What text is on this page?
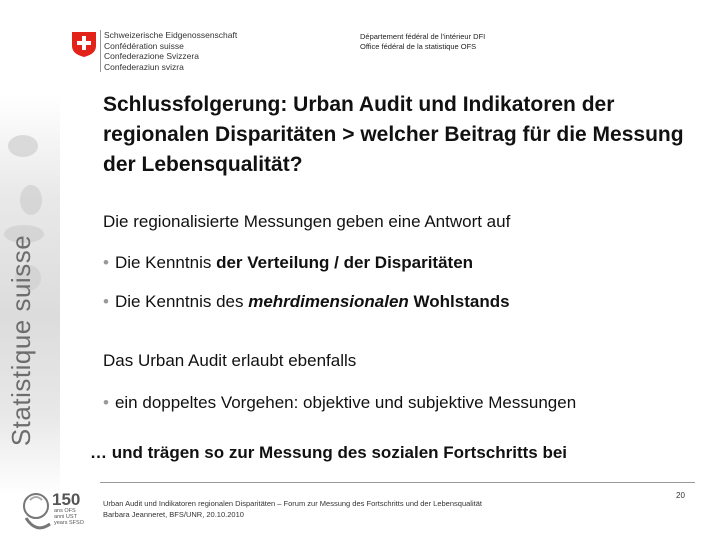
Statistique suisse
Schweizerische Eidgenossenschaft
Confédération suisse
Confederazione Svizzera
Confederaziun svizra
Département fédéral de l'intérieur DFI
Office fédéral de la statistique OFS
Schlussfolgerung: Urban Audit und Indikatoren der regionalen Disparitäten > welcher Beitrag für die Messung der Lebensqualität?
Die regionalisierte Messungen geben eine Antwort auf
• Die Kenntnis der Verteilung / der Disparitäten
• Die Kenntnis des mehrdimensionalen Wohlstands
Das Urban Audit erlaubt ebenfalls
• ein doppeltes Vorgehen: objektive und subjektive Messungen
… und trägen so zur Messung des sozialen Fortschritts bei
Urban Audit und Indikatoren regionalen Disparitäten – Forum zur Messung des Fortschritts und der Lebensqualität
Barbara Jeanneret, BFS/UNR, 20.10.2010
20
150
ans OFS
anni UST
years SFSO
